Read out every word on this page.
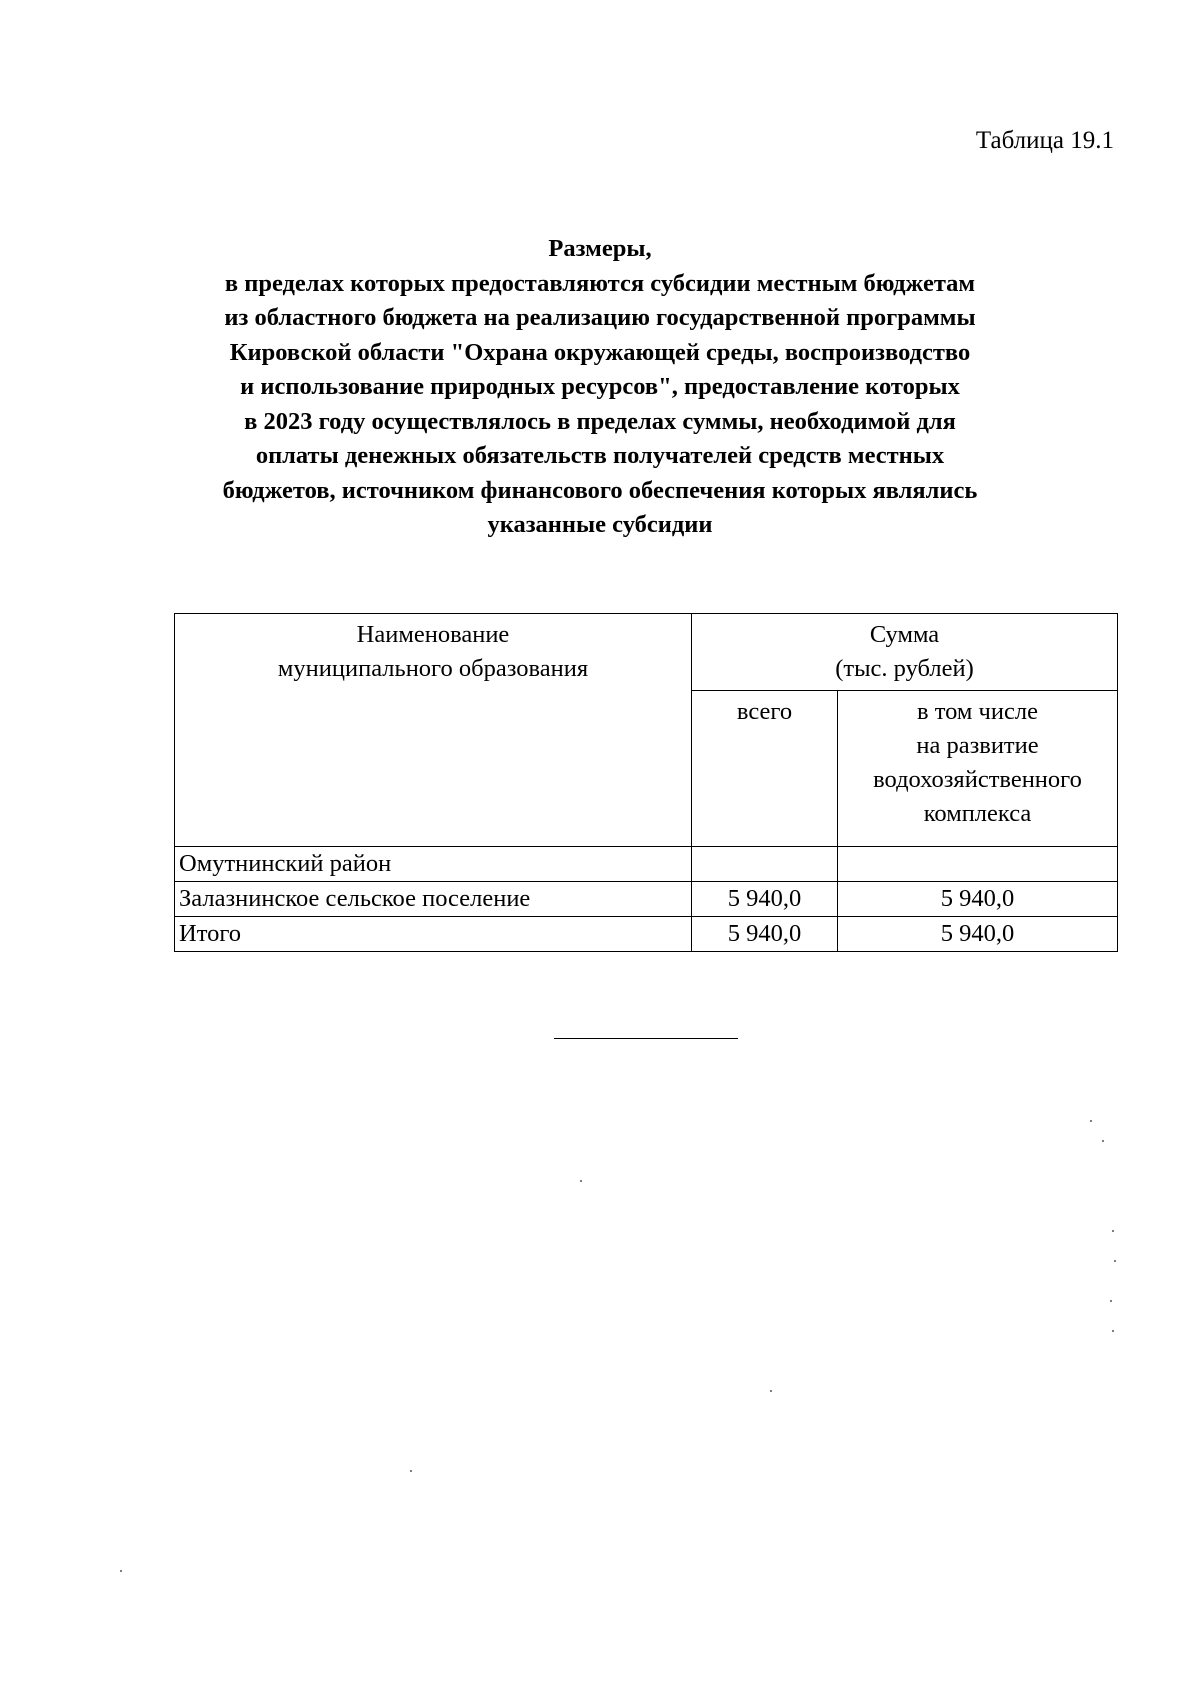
Таблица 19.1
Размеры,
в пределах которых предоставляются субсидии местным бюджетам
из областного бюджета на реализацию государственной программы
Кировской области "Охрана окружающей среды, воспроизводство
и использование природных ресурсов", предоставление которых
в 2023 году осуществлялось в пределах суммы, необходимой для
оплаты денежных обязательств получателей средств местных
бюджетов, источником финансового обеспечения которых являлись
указанные субсидии
Наименование
муниципального образования	Сумма
(тыс. рублей)	

	всего	в том числе
на развитие
водохозяйственного
комплекса

Омутнинский район		
Залазнинское сельское поселение	5 940,0	5 940,0
Итого	5 940,0	5 940,0
